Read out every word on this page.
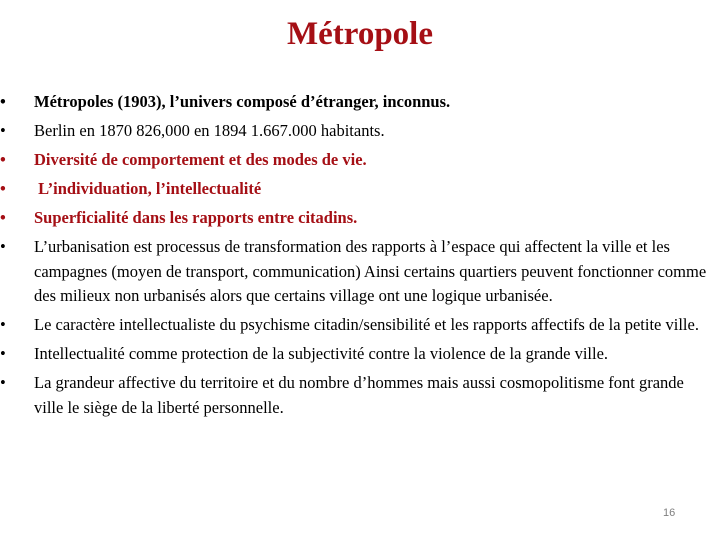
Métropole
•	Métropoles (1903), l’univers composé d’étranger, inconnus.
•	Berlin en 1870 826,000 en 1894 1.667.000 habitants.
•	Diversité de comportement et des modes de vie.
•	L’individuation, l’intellectualité
•	Superficialité dans les rapports entre citadins.
•	L’urbanisation est processus de transformation des rapports à l’espace qui affectent la ville et les campagnes (moyen de transport, communication) Ainsi certains quartiers peuvent fonctionner comme des milieux non urbanisés alors que certains village ont une logique urbanisée.
•	Le caractère intellectualiste du psychisme citadin/sensibilité et les rapports affectifs de la petite ville.
•	Intellectualité comme protection de la subjectivité contre la violence de la grande ville.
•	La grandeur affective du territoire et du nombre d’hommes mais aussi cosmopolitisme font grande ville le siège de la liberté personnelle.
16
